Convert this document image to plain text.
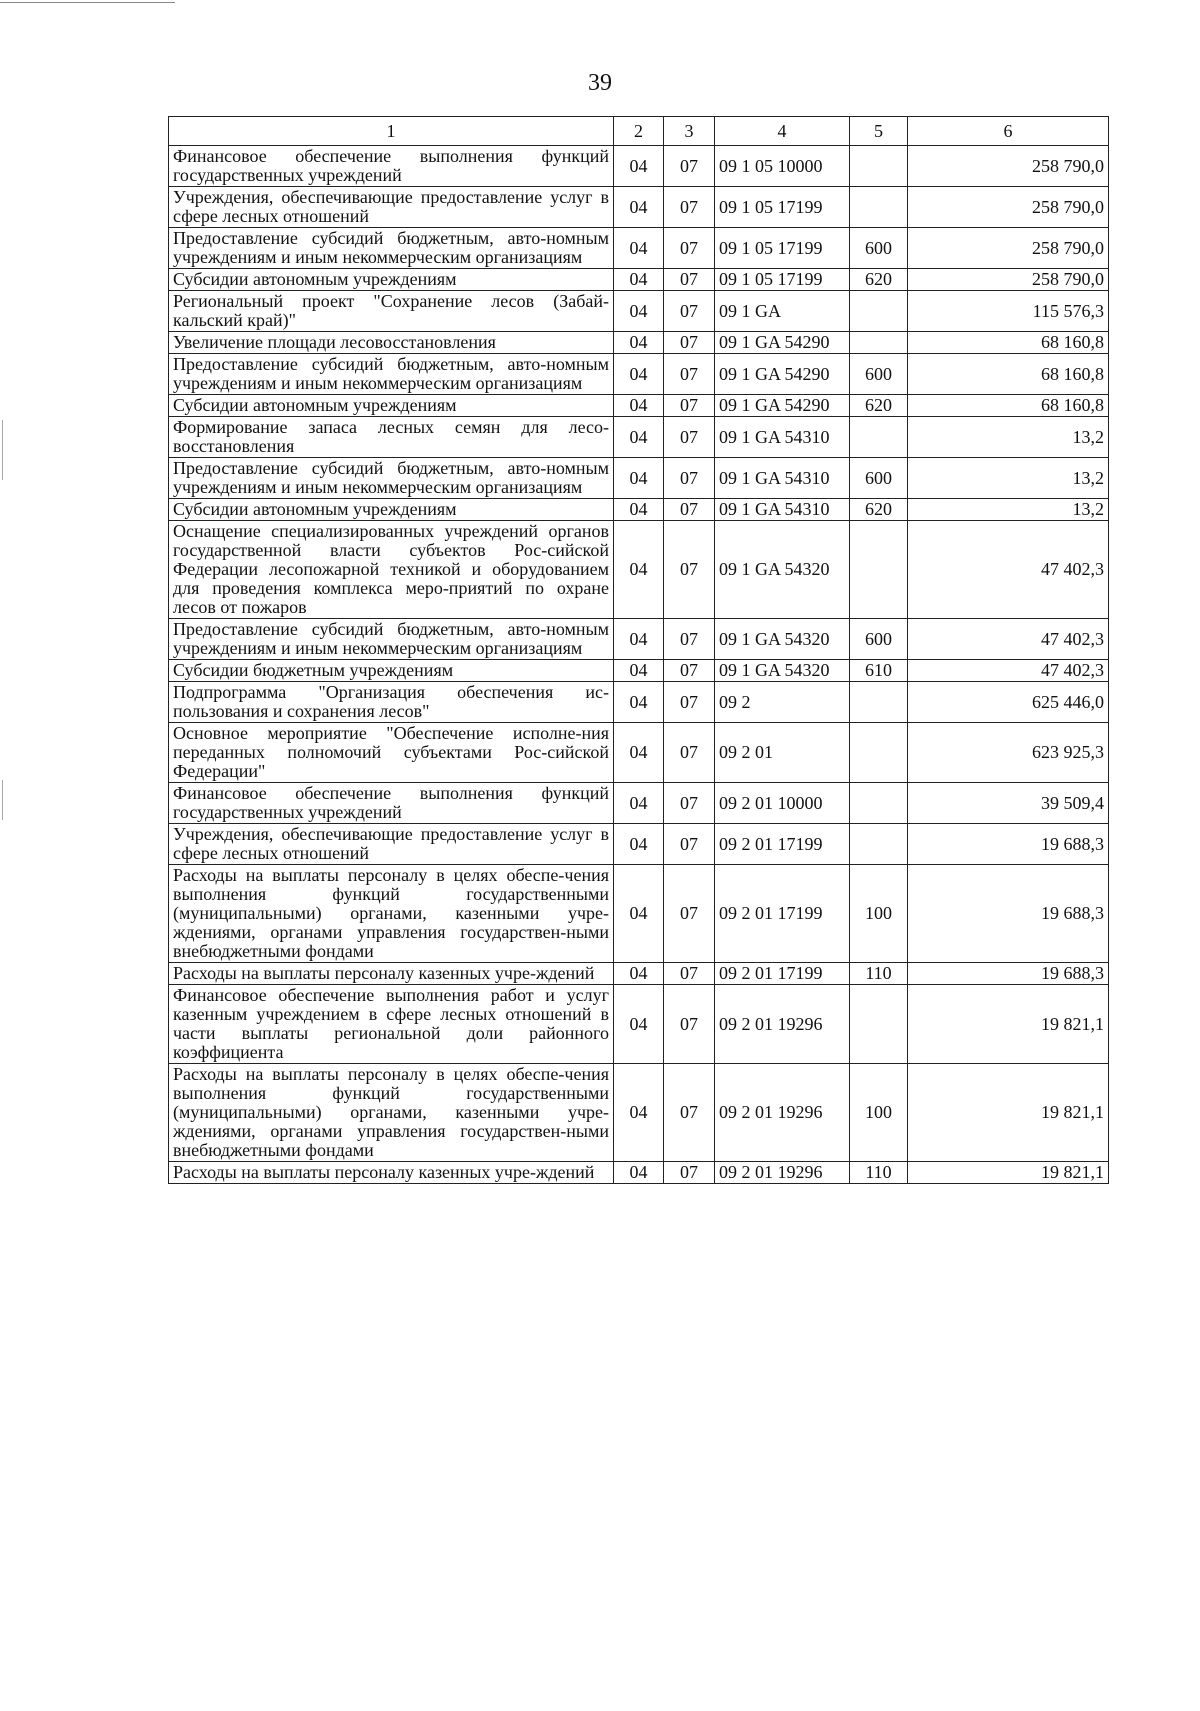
39
1	2	3	4	5	6
Финансовое обеспечение выполнения функций государственных учреждений	04	07	09 1 05 10000		258 790,0
Учреждения, обеспечивающие предоставление услуг в сфере лесных отношений	04	07	09 1 05 17199		258 790,0
Предоставление субсидий бюджетным, авто-номным учреждениям и иным некоммерческим организациям	04	07	09 1 05 17199	600	258 790,0
Субсидии автономным учреждениям	04	07	09 1 05 17199	620	258 790,0
Региональный проект "Сохранение лесов (Забай-кальский край)"	04	07	09 1 GA		115 576,3
Увеличение площади лесовосстановления	04	07	09 1 GA 54290		68 160,8
Предоставление субсидий бюджетным, авто-номным учреждениям и иным некоммерческим организациям	04	07	09 1 GA 54290	600	68 160,8
Субсидии автономным учреждениям	04	07	09 1 GA 54290	620	68 160,8
Формирование запаса лесных семян для лесо-восстановления	04	07	09 1 GA 54310		13,2
Предоставление субсидий бюджетным, авто-номным учреждениям и иным некоммерческим организациям	04	07	09 1 GA 54310	600	13,2
Субсидии автономным учреждениям	04	07	09 1 GA 54310	620	13,2
Оснащение специализированных учреждений органов государственной власти субъектов Рос-сийской Федерации лесопожарной техникой и оборудованием для проведения комплекса меро-приятий по охране лесов от пожаров	04	07	09 1 GA 54320		47 402,3
Предоставление субсидий бюджетным, авто-номным учреждениям и иным некоммерческим организациям	04	07	09 1 GA 54320	600	47 402,3
Субсидии бюджетным учреждениям	04	07	09 1 GA 54320	610	47 402,3
Подпрограмма "Организация обеспечения ис-пользования и сохранения лесов"	04	07	09 2		625 446,0
Основное мероприятие "Обеспечение исполне-ния переданных полномочий субъектами Рос-сийской Федерации"	04	07	09 2 01		623 925,3
Финансовое обеспечение выполнения функций государственных учреждений	04	07	09 2 01 10000		39 509,4
Учреждения, обеспечивающие предоставление услуг в сфере лесных отношений	04	07	09 2 01 17199		19 688,3
Расходы на выплаты персоналу в целях обеспе-чения выполнения функций государственными (муниципальными) органами, казенными учре-ждениями, органами управления государствен-ными внебюджетными фондами	04	07	09 2 01 17199	100	19 688,3
Расходы на выплаты персоналу казенных учре-ждений	04	07	09 2 01 17199	110	19 688,3
Финансовое обеспечение выполнения работ и услуг казенным учреждением в сфере лесных отношений в части выплаты региональной доли районного коэффициента	04	07	09 2 01 19296		19 821,1
Расходы на выплаты персоналу в целях обеспе-чения выполнения функций государственными (муниципальными) органами, казенными учре-ждениями, органами управления государствен-ными внебюджетными фондами	04	07	09 2 01 19296	100	19 821,1
Расходы на выплаты персоналу казенных учре-ждений	04	07	09 2 01 19296	110	19 821,1
